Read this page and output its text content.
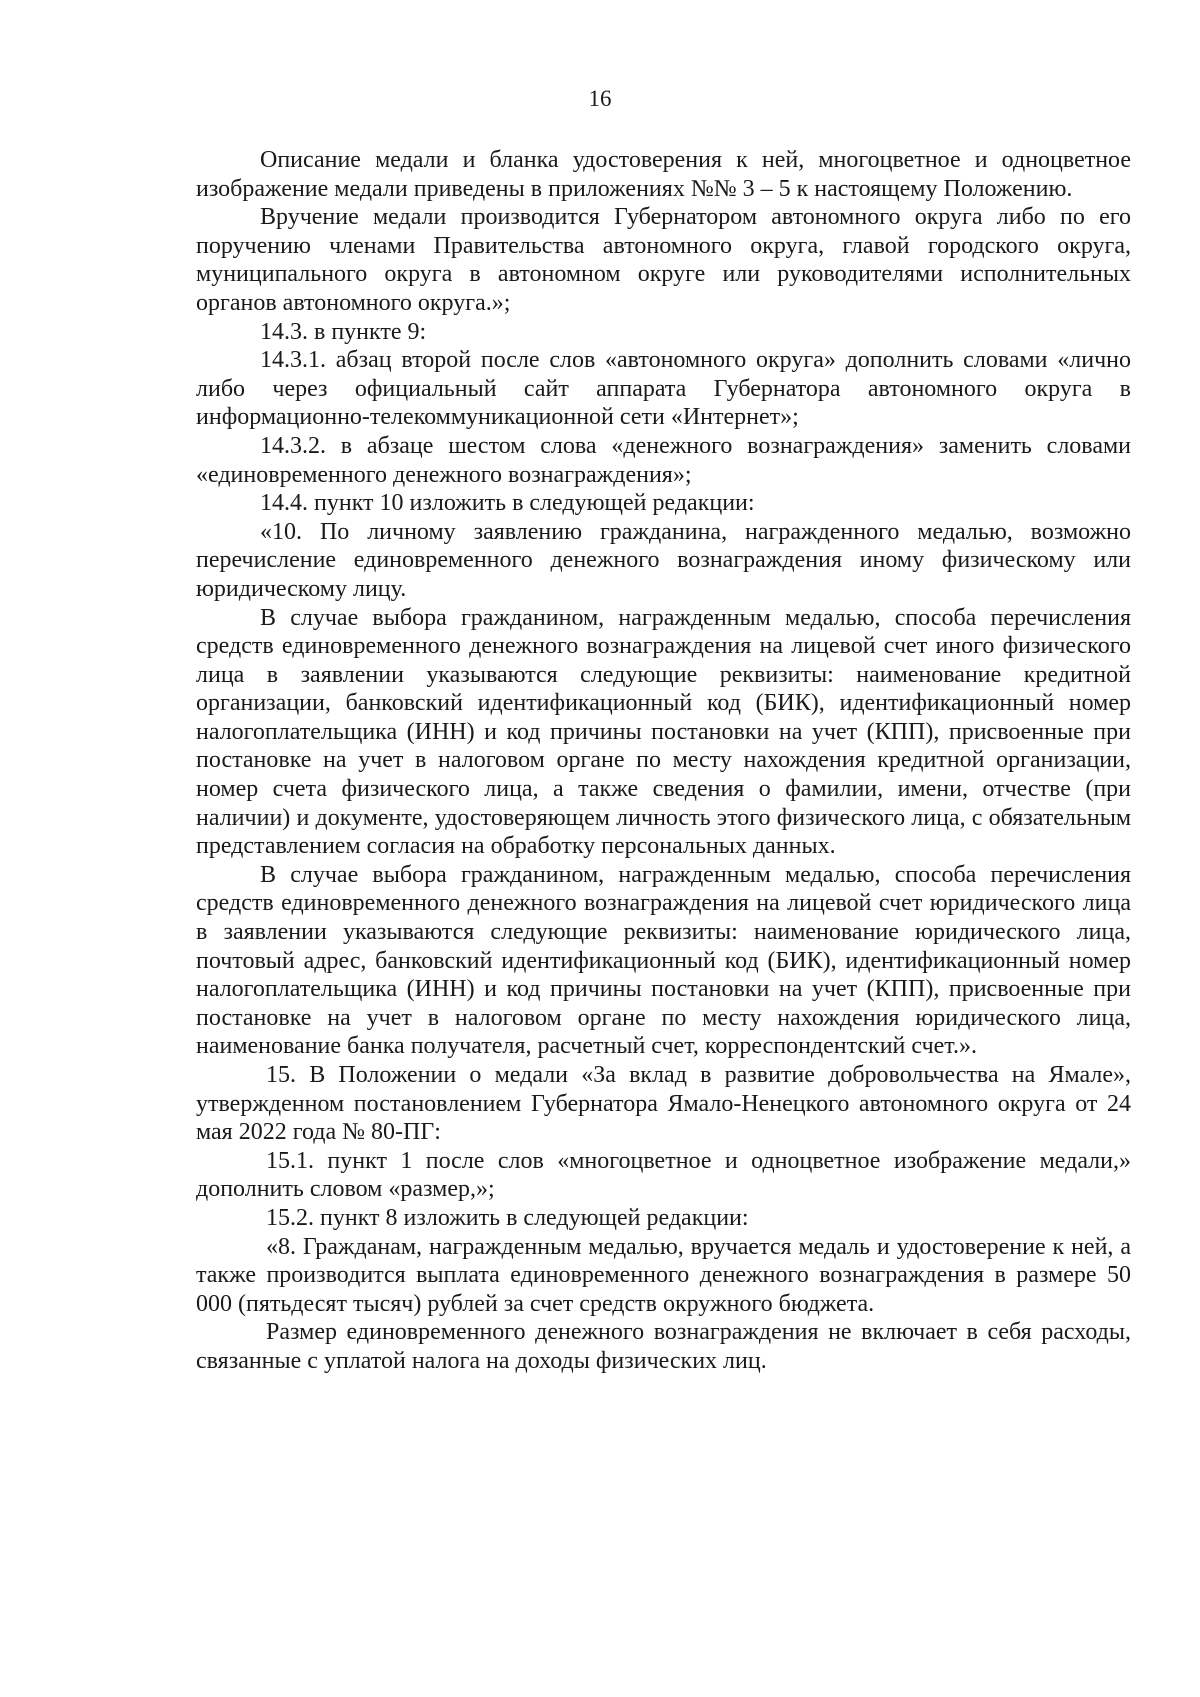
16

Описание медали и бланка удостоверения к ней, многоцветное и одноцветное изображение медали приведены в приложениях №№ 3 – 5 к настоящему Положению.

Вручение медали производится Губернатором автономного округа либо по его поручению членами Правительства автономного округа, главой городского округа, муниципального округа в автономном округе или руководителями исполнительных органов автономного округа.»;

14.3. в пункте 9:

14.3.1. абзац второй после слов «автономного округа» дополнить словами «лично либо через официальный сайт аппарата Губернатора автономного округа в информационно-телекоммуникационной сети «Интернет»;

14.3.2. в абзаце шестом слова «денежного вознаграждения» заменить словами «единовременного денежного вознаграждения»;

14.4. пункт 10 изложить в следующей редакции:

«10. По личному заявлению гражданина, награжденного медалью, возможно перечисление единовременного денежного вознаграждения иному физическому или юридическому лицу.

В случае выбора гражданином, награжденным медалью, способа перечисления средств единовременного денежного вознаграждения на лицевой счет иного физического лица в заявлении указываются следующие реквизиты: наименование кредитной организации, банковский идентификационный код (БИК), идентификационный номер налогоплательщика (ИНН) и код причины постановки на учет (КПП), присвоенные при постановке на учет в налоговом органе по месту нахождения кредитной организации, номер счета физического лица, а также сведения о фамилии, имени, отчестве (при наличии) и документе, удостоверяющем личность этого физического лица, с обязательным представлением согласия на обработку персональных данных.

В случае выбора гражданином, награжденным медалью, способа перечисления средств единовременного денежного вознаграждения на лицевой счет юридического лица в заявлении указываются следующие реквизиты: наименование юридического лица, почтовый адрес, банковский идентификационный код (БИК), идентификационный номер налогоплательщика (ИНН) и код причины постановки на учет (КПП), присвоенные при постановке на учет в налоговом органе по месту нахождения юридического лица, наименование банка получателя, расчетный счет, корреспондентский счет.».

15. В Положении о медали «За вклад в развитие добровольчества на Ямале», утвержденном постановлением Губернатора Ямало-Ненецкого автономного округа от 24 мая 2022 года № 80-ПГ:

15.1. пункт 1 после слов «многоцветное и одноцветное изображение медали,» дополнить словом «размер,»;

15.2. пункт 8 изложить в следующей редакции:

«8. Гражданам, награжденным медалью, вручается медаль и удостоверение к ней, а также производится выплата единовременного денежного вознаграждения в размере 50 000 (пятьдесят тысяч) рублей за счет средств окружного бюджета.

Размер единовременного денежного вознаграждения не включает в себя расходы, связанные с уплатой налога на доходы физических лиц.
